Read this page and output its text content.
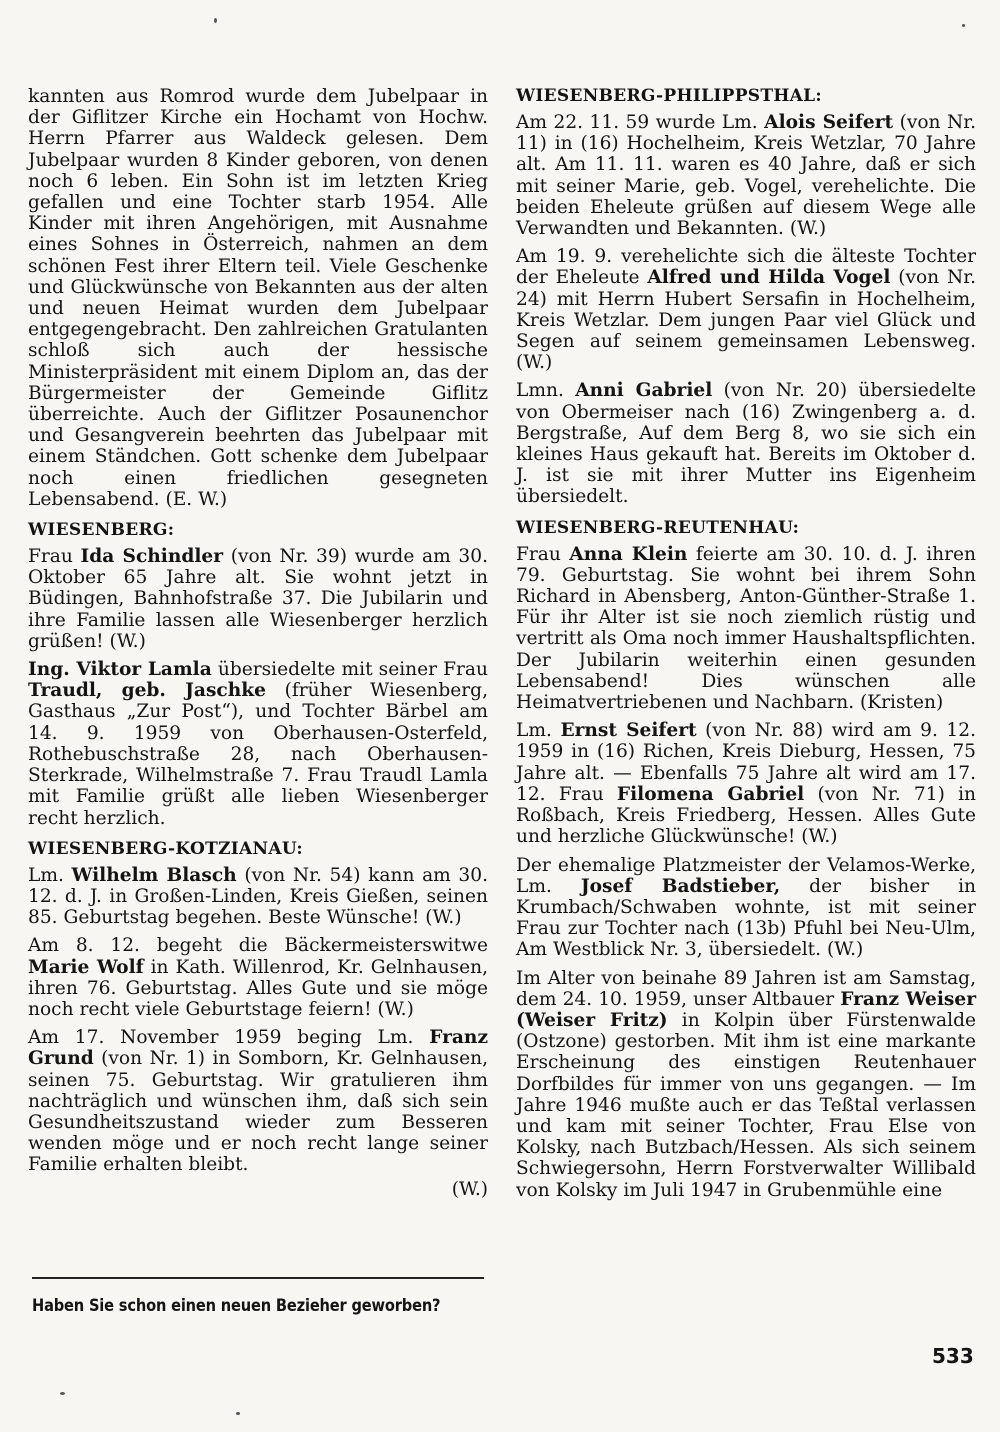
kannten aus Romrod wurde dem Jubelpaar in der Giflitzer Kirche ein Hochamt von Hochw. Herrn Pfarrer aus Waldeck gelesen. Dem Jubelpaar wurden 8 Kinder geboren, von denen noch 6 leben. Ein Sohn ist im letzten Krieg gefallen und eine Tochter starb 1954. Alle Kinder mit ihren Angehörigen, mit Ausnahme eines Sohnes in Österreich, nahmen an dem schönen Fest ihrer Eltern teil. Viele Geschenke und Glückwünsche von Bekannten aus der alten und neuen Heimat wurden dem Jubelpaar entgegengebracht. Den zahlreichen Gratulanten schloß sich auch der hessische Ministerpräsident mit einem Diplom an, das der Bürgermeister der Gemeinde Giflitz überreichte. Auch der Giflitzer Posaunenchor und Gesangverein beehrten das Jubelpaar mit einem Ständchen. Gott schenke dem Jubelpaar noch einen friedlichen gesegneten Lebensabend. (E. W.)

WIESENBERG:

Frau Ida Schindler (von Nr. 39) wurde am 30. Oktober 65 Jahre alt. Sie wohnt jetzt in Büdingen, Bahnhofstraße 37. Die Jubilarin und ihre Familie lassen alle Wiesenberger herzlich grüßen! (W.)

Ing. Viktor Lamla übersiedelte mit seiner Frau Traudl, geb. Jaschke (früher Wiesenberg, Gasthaus „Zur Post“), und Tochter Bärbel am 14. 9. 1959 von Oberhausen-Osterfeld, Rothebuschstraße 28, nach Oberhausen-Sterkrade, Wilhelmstraße 7. Frau Traudl Lamla mit Familie grüßt alle lieben Wiesenberger recht herzlich.

WIESENBERG-KOTZIANAU:

Lm. Wilhelm Blasch (von Nr. 54) kann am 30. 12. d. J. in Großen-Linden, Kreis Gießen, seinen 85. Geburtstag begehen. Beste Wünsche! (W.)

Am 8. 12. begeht die Bäckermeisterswitwe Marie Wolf in Kath. Willenrod, Kr. Gelnhausen, ihren 76. Geburtstag. Alles Gute und sie möge noch recht viele Geburtstage feiern! (W.)

Am 17. November 1959 beging Lm. Franz Grund (von Nr. 1) in Somborn, Kr. Gelnhausen, seinen 75. Geburtstag. Wir gratulieren ihm nachträglich und wünschen ihm, daß sich sein Gesundheitszustand wieder zum Besseren wenden möge und er noch recht lange seiner Familie erhalten bleibt.

(W.)
Haben Sie schon einen neuen Bezieher geworben?
WIESENBERG-PHILIPPSTHAL:

Am 22. 11. 59 wurde Lm. Alois Seifert (von Nr. 11) in (16) Hochelheim, Kreis Wetzlar, 70 Jahre alt. Am 11. 11. waren es 40 Jahre, daß er sich mit seiner Marie, geb. Vogel, verehelichte. Die beiden Eheleute grüßen auf diesem Wege alle Verwandten und Bekannten. (W.)

Am 19. 9. verehelichte sich die älteste Tochter der Eheleute Alfred und Hilda Vogel (von Nr. 24) mit Herrn Hubert Sersafin in Hochelheim, Kreis Wetzlar. Dem jungen Paar viel Glück und Segen auf seinem gemeinsamen Lebensweg. (W.)

Lmn. Anni Gabriel (von Nr. 20) übersiedelte von Obermeiser nach (16) Zwingenberg a. d. Bergstraße, Auf dem Berg 8, wo sie sich ein kleines Haus gekauft hat. Bereits im Oktober d. J. ist sie mit ihrer Mutter ins Eigenheim übersiedelt.

WIESENBERG-REUTENHAU:

Frau Anna Klein feierte am 30. 10. d. J. ihren 79. Geburtstag. Sie wohnt bei ihrem Sohn Richard in Abensberg, Anton-Günther-Straße 1. Für ihr Alter ist sie noch ziemlich rüstig und vertritt als Oma noch immer Haushaltspflichten. Der Jubilarin weiterhin einen gesunden Lebensabend! Dies wünschen alle Heimatvertriebenen und Nachbarn. (Kristen)

Lm. Ernst Seifert (von Nr. 88) wird am 9. 12. 1959 in (16) Richen, Kreis Dieburg, Hessen, 75 Jahre alt. — Ebenfalls 75 Jahre alt wird am 17. 12. Frau Filomena Gabriel (von Nr. 71) in Roßbach, Kreis Friedberg, Hessen. Alles Gute und herzliche Glückwünsche! (W.)

Der ehemalige Platzmeister der Velamos-Werke, Lm. Josef Badstieber, der bisher in Krumbach/Schwaben wohnte, ist mit seiner Frau zur Tochter nach (13b) Pfuhl bei Neu-Ulm, Am Westblick Nr. 3, übersiedelt. (W.)

Im Alter von beinahe 89 Jahren ist am Samstag, dem 24. 10. 1959, unser Altbauer Franz Weiser (Weiser Fritz) in Kolpin über Fürstenwalde (Ostzone) gestorben. Mit ihm ist eine markante Erscheinung des einstigen Reutenhauer Dorfbildes für immer von uns gegangen. — Im Jahre 1946 mußte auch er das Teßtal verlassen und kam mit seiner Tochter, Frau Else von Kolsky, nach Butzbach/Hessen. Als sich seinem Schwiegersohn, Herrn Forstverwalter Willibald von Kolsky im Juli 1947 in Grubenmühle eine

533
